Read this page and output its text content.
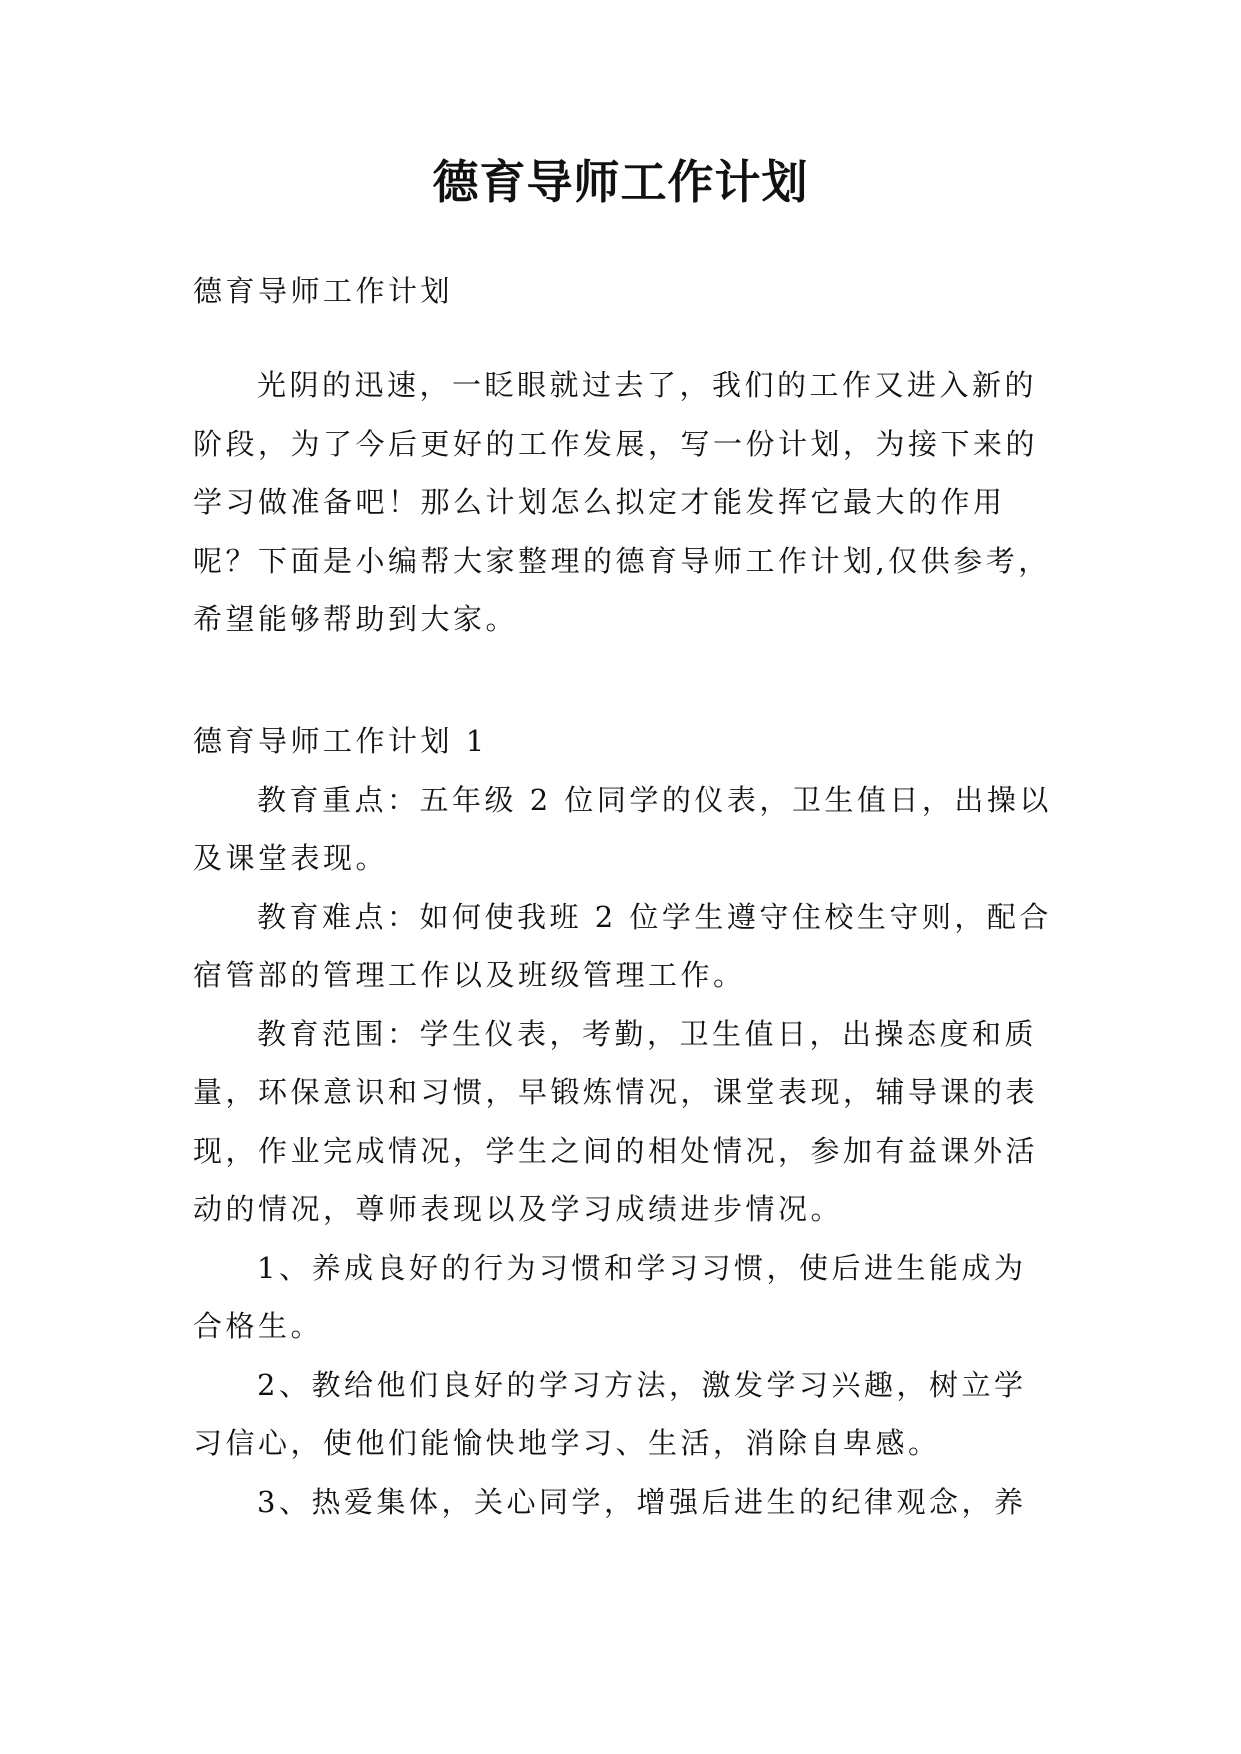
德育导师工作计划

德育导师工作计划

光阴的迅速，一眨眼就过去了，我们的工作又进入新的

阶段，为了今后更好的工作发展，写一份计划，为接下来的

学习做准备吧！那么计划怎么拟定才能发挥它最大的作用

呢？下面是小编帮大家整理的德育导师工作计划,仅供参考，

希望能够帮助到大家。

德育导师工作计划 1

教育重点：五年级 2 位同学的仪表，卫生值日，出操以

及课堂表现。

教育难点：如何使我班 2 位学生遵守住校生守则，配合

宿管部的管理工作以及班级管理工作。

教育范围：学生仪表，考勤，卫生值日，出操态度和质

量，环保意识和习惯，早锻炼情况，课堂表现，辅导课的表

现，作业完成情况，学生之间的相处情况，参加有益课外活

动的情况，尊师表现以及学习成绩进步情况。

1、养成良好的行为习惯和学习习惯，使后进生能成为

合格生。

2、教给他们良好的学习方法，激发学习兴趣，树立学

习信心，使他们能愉快地学习、生活，消除自卑感。

3、热爱集体，关心同学，增强后进生的纪律观念，养
